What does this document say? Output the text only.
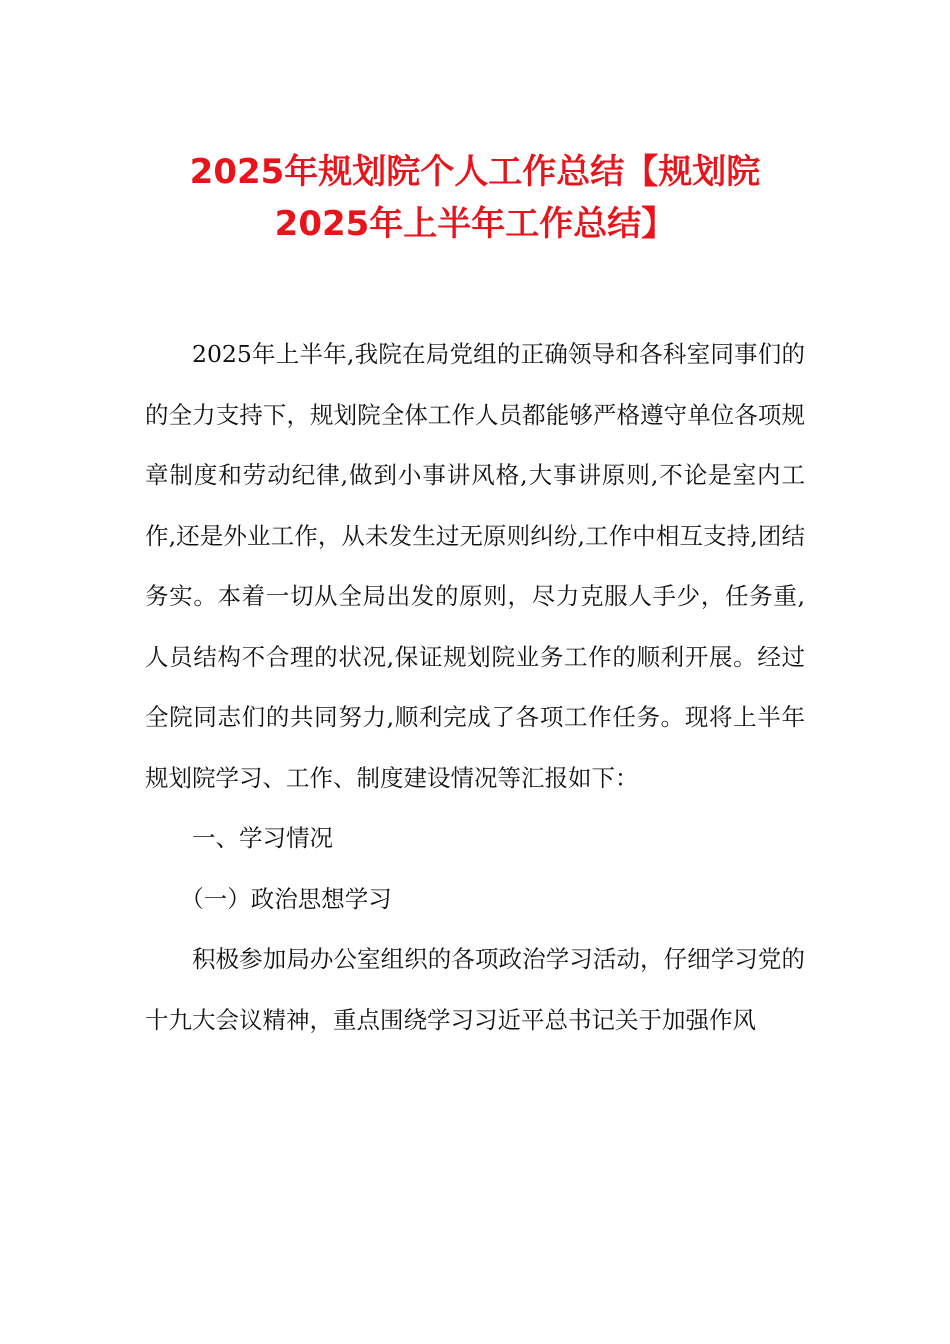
2025年规划院个人工作总结【规划院2025年上半年工作总结】

2025年上半年,我院在局党组的正确领导和各科室同事们的的全力支持下，规划院全体工作人员都能够严格遵守单位各项规章制度和劳动纪律,做到小事讲风格,大事讲原则,不论是室内工作,还是外业工作，从未发生过无原则纠纷,工作中相互支持,团结务实。本着一切从全局出发的原则，尽力克服人手少，任务重,人员结构不合理的状况,保证规划院业务工作的顺利开展。经过全院同志们的共同努力,顺利完成了各项工作任务。现将上半年规划院学习、工作、制度建设情况等汇报如下：

一、学习情况

（一）政治思想学习

积极参加局办公室组织的各项政治学习活动，仔细学习党的十九大会议精神，重点围绕学习习近平总书记关于加强作风
